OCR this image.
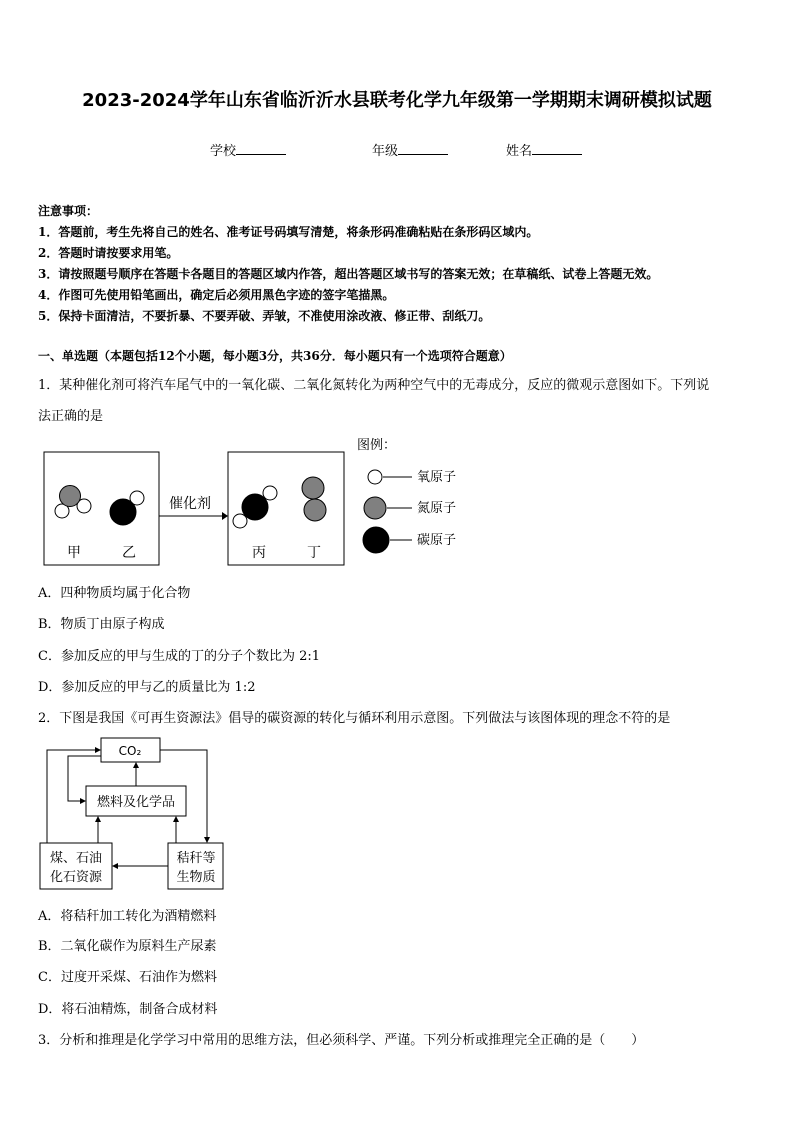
2023-2024学年山东省临沂沂水县联考化学九年级第一学期期末调研模拟试题
学校	年级	姓名
注意事项：
1．答题前，考生先将自己的姓名、准考证号码填写清楚，将条形码准确粘贴在条形码区域内。
2．答题时请按要求用笔。
3．请按照题号顺序在答题卡各题目的答题区域内作答，超出答题区域书写的答案无效；在草稿纸、试卷上答题无效。
4．作图可先使用铅笔画出，确定后必须用黑色字迹的签字笔描黑。
5．保持卡面清洁，不要折暴、不要弄破、弄皱，不准使用涂改液、修正带、刮纸刀。
一、单选题（本题包括12个小题，每小题3分，共36分．每小题只有一个选项符合题意）
1．某种催化剂可将汽车尾气中的一氧化碳、二氧化氮转化为两种空气中的无毒成分，反应的微观示意图如下。下列说
法正确的是
甲	乙
催化剂
丙	丁
图例：
氧原子
氮原子
碳原子
CO₂
燃料及化学品
煤、石油
化石资源
秸秆等
生物质
A．四种物质均属于化合物
B．物质丁由原子构成
C．参加反应的甲与生成的丁的分子个数比为 2:1
D．参加反应的甲与乙的质量比为 1:2
2．下图是我国《可再生资源法》倡导的碳资源的转化与循环利用示意图。下列做法与该图体现的理念不符的是
A．将秸秆加工转化为酒精燃料
B．二氧化碳作为原料生产尿素
C．过度开采煤、石油作为燃料
D．将石油精炼，制备合成材料
3．分析和推理是化学学习中常用的思维方法，但必须科学、严谨。下列分析或推理完全正确的是（　　）
